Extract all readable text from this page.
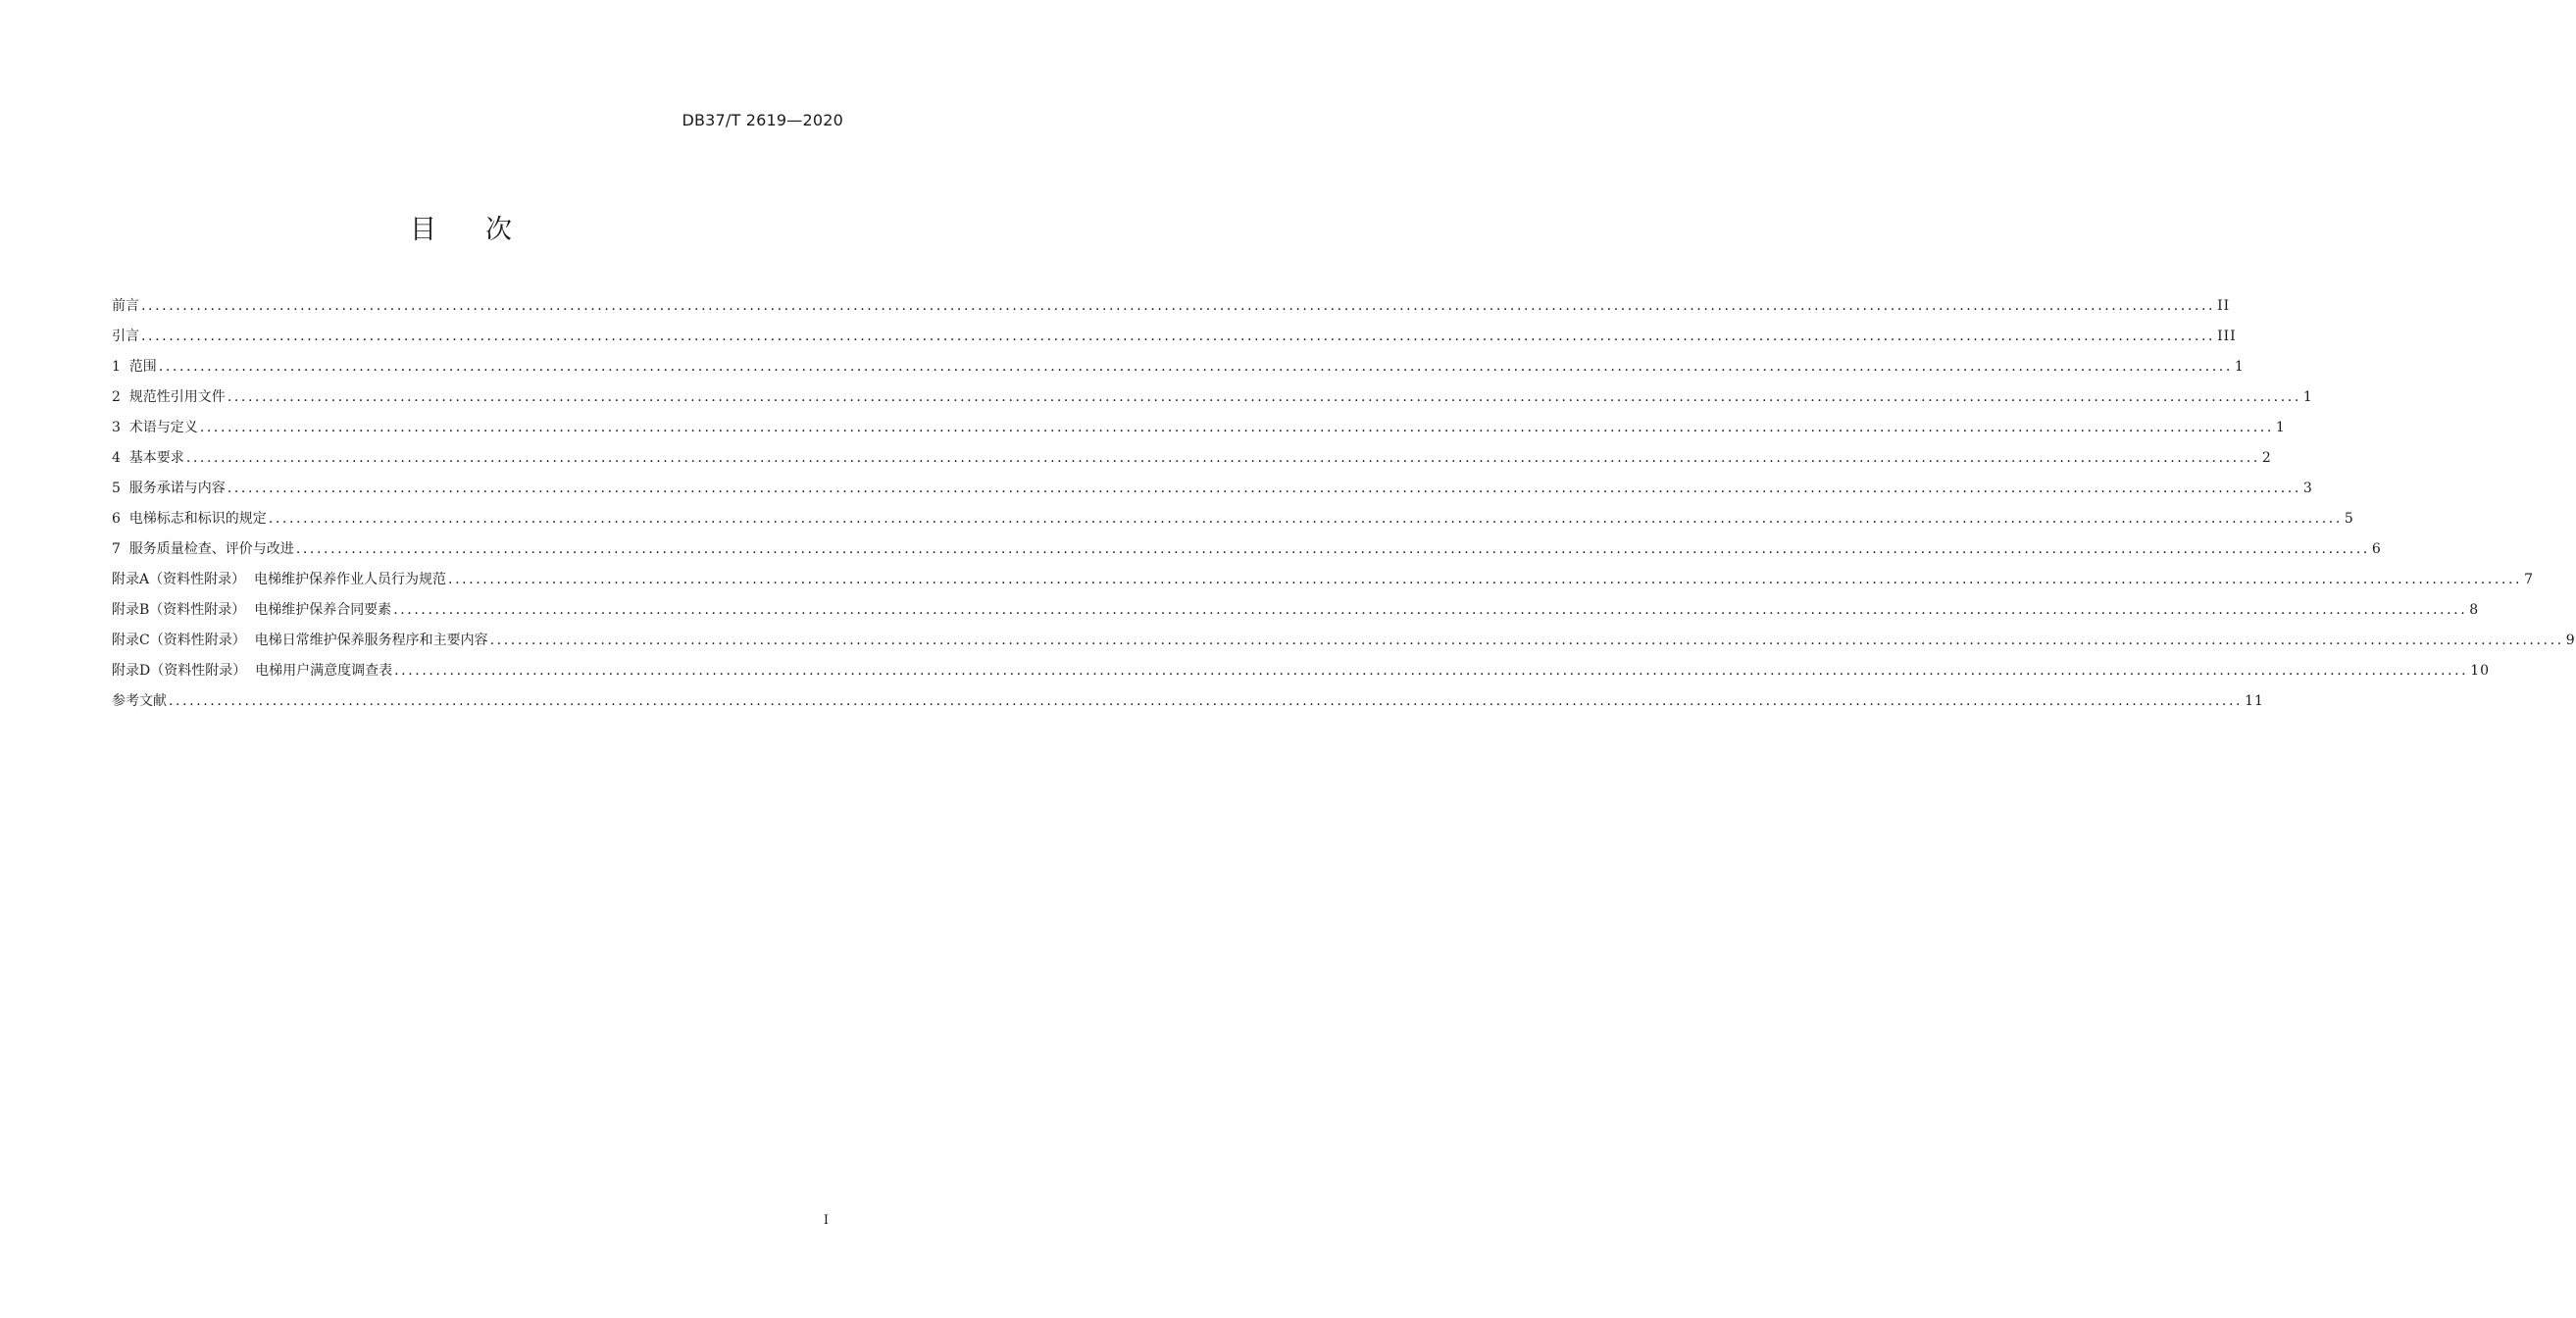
DB37/T 2619—2020
目次
前言 ............................................................................................................................................................................................................................................................................................................ II
引言 ............................................................................................................................................................................................................................................................................................................ III
1  范围 ............................................................................................................................................................................................................................................................................................................ 1
2  规范性引用文件 ............................................................................................................................................................................................................................................................................................................ 1
3  术语与定义 ............................................................................................................................................................................................................................................................................................................ 1
4  基本要求 ............................................................................................................................................................................................................................................................................................................ 2
5  服务承诺与内容 ............................................................................................................................................................................................................................................................................................................ 3
6  电梯标志和标识的规定 ............................................................................................................................................................................................................................................................................................................ 5
7  服务质量检查、评价与改进 ............................................................................................................................................................................................................................................................................................................ 6
附录A（资料性附录）  电梯维护保养作业人员行为规范 ............................................................................................................................................................................................................................................................................................................ 7
附录B（资料性附录）  电梯维护保养合同要素 ............................................................................................................................................................................................................................................................................................................ 8
附录C（资料性附录）  电梯日常维护保养服务程序和主要内容 ............................................................................................................................................................................................................................................................................................................ 9
附录D（资料性附录）  电梯用户满意度调查表 ............................................................................................................................................................................................................................................................................................................ 10
参考文献 ............................................................................................................................................................................................................................................................................................................ 11
I
